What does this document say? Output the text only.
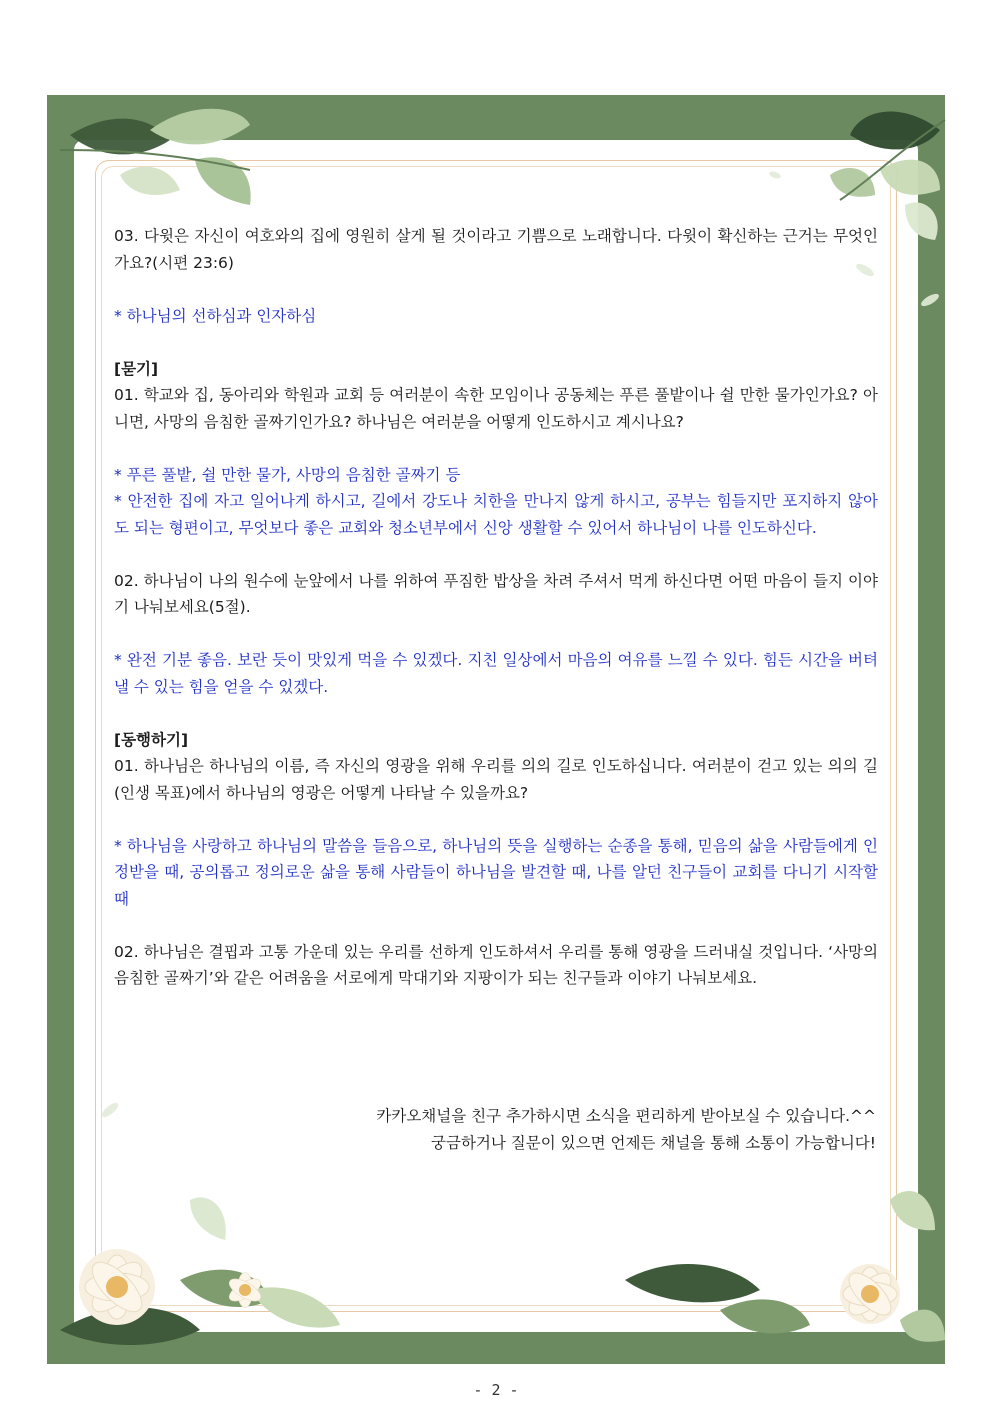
03. 다윗은 자신이 여호와의 집에 영원히 살게 될 것이라고 기쁨으로 노래합니다. 다윗이 확신하는 근거는 무엇인가요?(시편 23:6)

* 하나님의 선하심과 인자하심

[묻기]

01. 학교와 집, 동아리와 학원과 교회 등 여러분이 속한 모임이나 공동체는 푸른 풀밭이나 쉴 만한 물가인가요? 아니면, 사망의 음침한 골짜기인가요? 하나님은 여러분을 어떻게 인도하시고 계시나요?

* 푸른 풀밭, 쉴 만한 물가, 사망의 음침한 골짜기 등

* 안전한 집에 자고 일어나게 하시고, 길에서 강도나 치한을 만나지 않게 하시고, 공부는 힘들지만 포지하지 않아도 되는 형편이고, 무엇보다 좋은 교회와 청소년부에서 신앙 생활할 수 있어서 하나님이 나를 인도하신다.

02. 하나님이 나의 원수에 눈앞에서 나를 위하여 푸짐한 밥상을 차려 주셔서 먹게 하신다면 어떤 마음이 들지 이야기 나눠보세요(5절).

* 완전 기분 좋음. 보란 듯이 맛있게 먹을 수 있겠다. 지친 일상에서 마음의 여유를 느낄 수 있다. 힘든 시간을 버텨낼 수 있는 힘을 얻을 수 있겠다.

[동행하기]

01. 하나님은 하나님의 이름, 즉 자신의 영광을 위해 우리를 의의 길로 인도하십니다. 여러분이 걷고 있는 의의 길(인생 목표)에서 하나님의 영광은 어떻게 나타날 수 있을까요?

* 하나님을 사랑하고 하나님의 말씀을 들음으로, 하나님의 뜻을 실행하는 순종을 통해, 믿음의 삶을 사람들에게 인정받을 때, 공의롭고 정의로운 삶을 통해 사람들이 하나님을 발견할 때, 나를 알던 친구들이 교회를 다니기 시작할 때

02. 하나님은 결핍과 고통 가운데 있는 우리를 선하게 인도하셔서 우리를 통해 영광을 드러내실 것입니다. ‘사망의 음침한 골짜기’와 같은 어려움을 서로에게 막대기와 지팡이가 되는 친구들과 이야기 나눠보세요.

카카오채널을 친구 추가하시면 소식을 편리하게 받아보실 수 있습니다.^^
궁금하거나 질문이 있으면 언제든 채널을 통해 소통이 가능합니다!
- 2 -
